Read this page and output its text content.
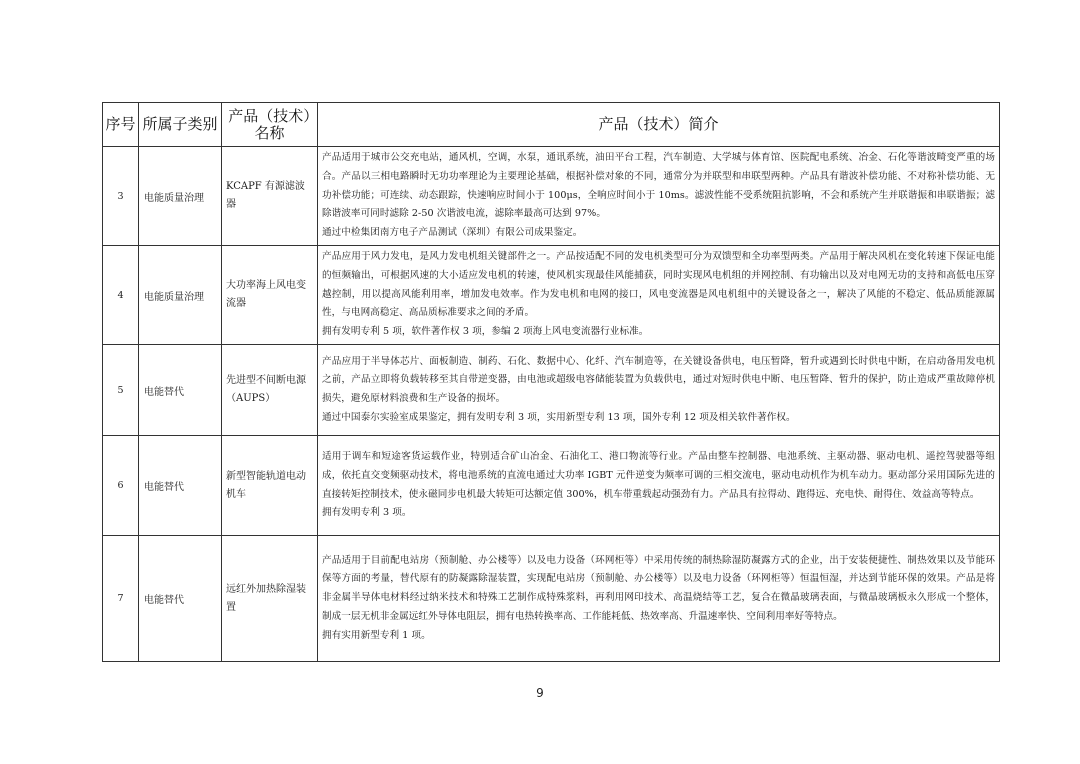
序号	所属子类别	产品（技术）名称	产品（技术）简介
3	电能质量治理	KCAPF 有源滤波器	产品适用于城市公交充电站，通风机，空调，水泵，通讯系统，油田平台工程，汽车制造、大学城与体育馆、医院配电系统、冶金、石化等谐波畸变严重的场合。产品以三相电路瞬时无功功率理论为主要理论基础，根据补偿对象的不同，通常分为并联型和串联型两种。产品具有谐波补偿功能、不对称补偿功能、无功补偿功能；可连续、动态跟踪，快速响应时间小于 100μs，全响应时间小于 10ms。滤波性能不受系统阻抗影响，不会和系统产生并联谐振和串联谐振；滤除谐波率可同时滤除 2-50 次谐波电流，滤除率最高可达到 97%。

通过中检集团南方电子产品测试（深圳）有限公司成果鉴定。

4	电能质量治理	大功率海上风电变流器	产品应用于风力发电，是风力发电机组关键部件之一。产品按适配不同的发电机类型可分为双馈型和全功率型两类。产品用于解决风机在变化转速下保证电能的恒频输出，可根据风速的大小适应发电机的转速，使风机实现最佳风能捕获，同时实现风电机组的并网控制、有功输出以及对电网无功的支持和高低电压穿越控制，用以提高风能利用率，增加发电效率。作为发电机和电网的接口，风电变流器是风电机组中的关键设备之一，解决了风能的不稳定、低品质能源属性，与电网高稳定、高品质标准要求之间的矛盾。

拥有发明专利 5 项，软件著作权 3 项，参编 2 项海上风电变流器行业标准。

5	电能替代	先进型不间断电源（AUPS）	产品应用于半导体芯片、面板制造、制药、石化、数据中心、化纤、汽车制造等，在关键设备供电，电压暂降，暂升或遇到长时供电中断，在启动备用发电机之前，产品立即将负载转移至其自带逆变器，由电池或超级电容储能装置为负载供电，通过对短时供电中断、电压暂降、暂升的保护，防止造成严重故障停机损失，避免原材料浪费和生产设备的损坏。

通过中国泰尔实验室成果鉴定，拥有发明专利 3 项，实用新型专利 13 项，国外专利 12 项及相关软件著作权。

6	电能替代	新型智能轨道电动机车	适用于调车和短途客货运载作业，特别适合矿山冶金、石油化工、港口物流等行业。产品由整车控制器、电池系统、主驱动器、驱动电机、遥控驾驶器等组成，依托直交变频驱动技术，将电池系统的直流电通过大功率 IGBT 元件逆变为频率可调的三相交流电，驱动电动机作为机车动力。驱动部分采用国际先进的直接转矩控制技术，使永磁同步电机最大转矩可达额定值 300%，机车带重载起动强劲有力。产品具有拉得动、跑得远、充电快、耐得住、效益高等特点。

拥有发明专利 3 项。

7	电能替代	远红外加热除湿装置	产品适用于目前配电站房（预制舱、办公楼等）以及电力设备（环网柜等）中采用传统的制热除湿防凝露方式的企业，出于安装便捷性、制热效果以及节能环保等方面的考量，替代原有的防凝露除湿装置，实现配电站房（预制舱、办公楼等）以及电力设备（环网柜等）恒温恒湿，并达到节能环保的效果。产品是将非金属半导体电材料经过纳米技术和特殊工艺制作成特殊浆料，再利用网印技术、高温烧结等工艺，复合在微晶玻璃表面，与微晶玻璃板永久形成一个整体，制成一层无机非金属远红外导体电阻层，拥有电热转换率高、工作能耗低、热效率高、升温速率快、空间利用率好等特点。

拥有实用新型专利 1 项。

9
